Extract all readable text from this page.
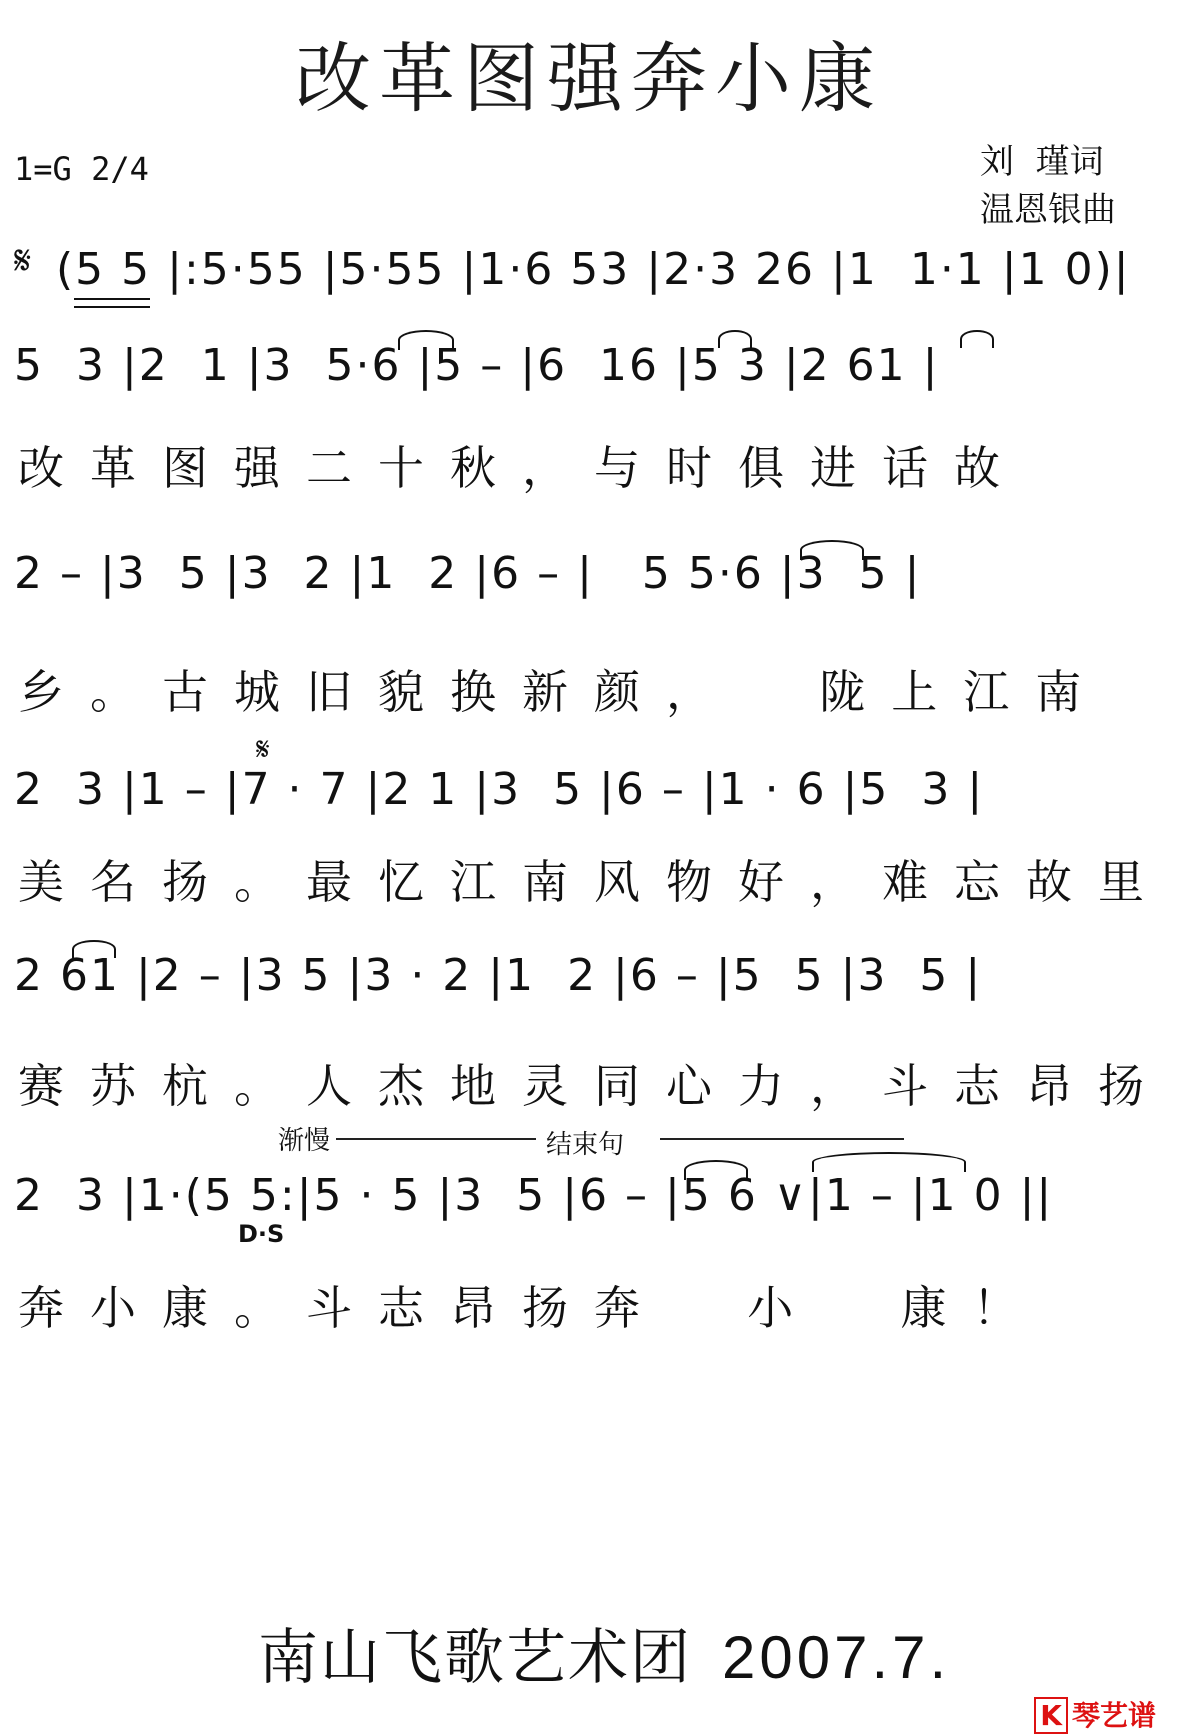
改革图强奔小康
1=G 2/4	刘  瑾词
温恩银曲
𝄋 (5 5 |:5·55 |5·55 |1·6 53 |2·3 26 |1  1·1 |1 0)|
5  3 |2  1 |3  5·6 |5 – |6  16 |5 3 |2 61 |
改革图强二十秋，与时俱进话故
2 – |3  5 |3  2 |1  2 |6 – |   5 5·6 |3  5 |
乡。古城旧貌换新颜，  陇上江南
𝄋
2  3 |1 – |7 · 7 |2 1 |3  5 |6 – |1 · 6 |5  3 |
美名扬。最忆江南风物好，难忘故里
2 61 |2 – |3 5 |3 · 2 |1  2 |6 – |5  5 |3  5 |
赛苏杭。人杰地灵同心力，斗志昂扬
渐慢	结束句
2  3 |1·(5 5:|5 · 5 |3  5 |6 – |5 6 ∨|1 – |1 0 ||
D·S
奔小康。斗志昂扬奔  小  康！
南山飞歌艺术团 2007.7.
K 琴艺谱
